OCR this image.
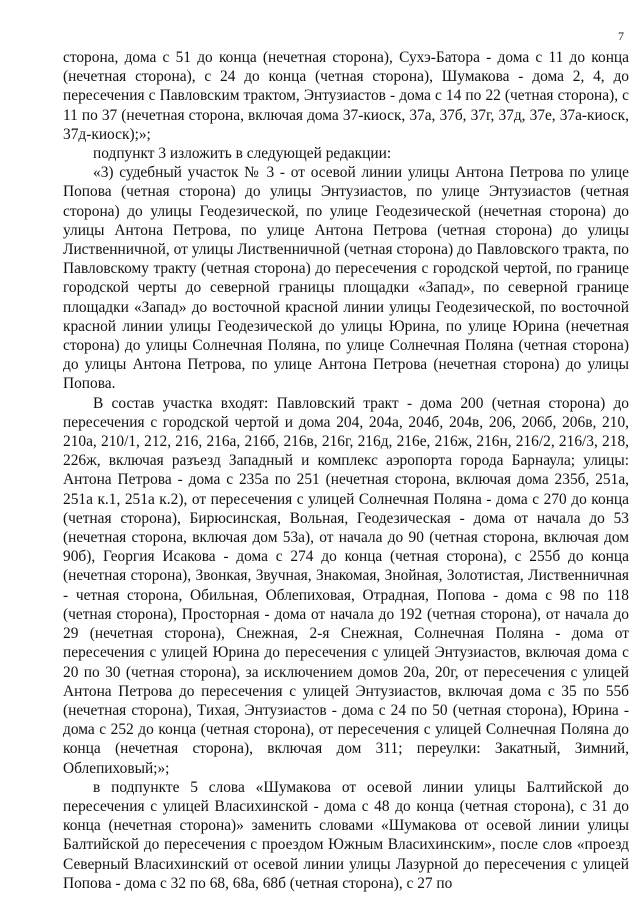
7

сторона, дома с 51 до конца (нечетная сторона), Сухэ-Батора - дома с 11 до конца (нечетная сторона), с 24 до конца (четная сторона), Шумакова - дома 2, 4, до пересечения с Павловским трактом, Энтузиастов - дома с 14 по 22 (четная сторона), с 11 по 37 (нечетная сторона, включая дома 37-киоск, 37а, 37б, 37г, 37д, 37е, 37а-киоск, 37д-киоск);»;

подпункт 3 изложить в следующей редакции:

«3) судебный участок № 3 - от осевой линии улицы Антона Петрова по улице Попова (четная сторона) до улицы Энтузиастов, по улице Энтузиастов (четная сторона) до улицы Геодезической, по улице Геодезической (нечетная сторона) до улицы Антона Петрова, по улице Антона Петрова (четная сторона) до улицы Лиственничной, от улицы Лиственничной (четная сторона) до Павловского тракта, по Павловскому тракту (четная сторона) до пересечения с городской чертой, по границе городской черты до северной границы площадки «Запад», по северной границе площадки «Запад» до восточной красной линии улицы Геодезической, по восточной красной линии улицы Геодезической до улицы Юрина, по улице Юрина (нечетная сторона) до улицы Солнечная Поляна, по улице Солнечная Поляна (четная сторона) до улицы Антона Петрова, по улице Антона Петрова (нечетная сторона) до улицы Попова.

В состав участка входят: Павловский тракт - дома 200 (четная сторона) до пересечения с городской чертой и дома 204, 204а, 204б, 204в, 206, 206б, 206в, 210, 210а, 210/1, 212, 216, 216а, 216б, 216в, 216г, 216д, 216е, 216ж, 216н, 216/2, 216/3, 218, 226ж, включая разъезд Западный и комплекс аэропорта города Барнаула; улицы: Антона Петрова - дома с 235а по 251 (нечетная сторона, включая дома 235б, 251а, 251а к.1, 251а к.2), от пересечения с улицей Солнечная Поляна - дома с 270 до конца (четная сторона), Бирюсинская, Вольная, Геодезическая - дома от начала до 53 (нечетная сторона, включая дом 53а), от начала до 90 (четная сторона, включая дом 90б), Георгия Исакова - дома с 274 до конца (четная сторона), с 255б до конца (нечетная сторона), Звонкая, Звучная, Знакомая, Знойная, Золотистая, Лиственничная - четная сторона, Обильная, Облепиховая, Отрадная, Попова - дома с 98 по 118 (четная сторона), Просторная - дома от начала до 192 (четная сторона), от начала до 29 (нечетная сторона), Снежная, 2-я Снежная, Солнечная Поляна - дома от пересечения с улицей Юрина до пересечения с улицей Энтузиастов, включая дома с 20 по 30 (четная сторона), за исключением домов 20а, 20г, от пересечения с улицей Антона Петрова до пересечения с улицей Энтузиастов, включая дома с 35 по 55б (нечетная сторона), Тихая, Энтузиастов - дома с 24 по 50 (четная сторона), Юрина - дома с 252 до конца (четная сторона), от пересечения с улицей Солнечная Поляна до конца (нечетная сторона), включая дом 311; переулки: Закатный, Зимний, Облепиховый;»;

в подпункте 5 слова «Шумакова от осевой линии улицы Балтийской до пересечения с улицей Власихинской - дома с 48 до конца (четная сторона), с 31 до конца (нечетная сторона)» заменить словами «Шумакова от осевой линии улицы Балтийской до пересечения с проездом Южным Власихинским», после слов «проезд Северный Власихинский от осевой линии улицы Лазурной до пересечения с улицей Попова - дома с 32 по 68, 68а, 68б (четная сторона), с 27 по
